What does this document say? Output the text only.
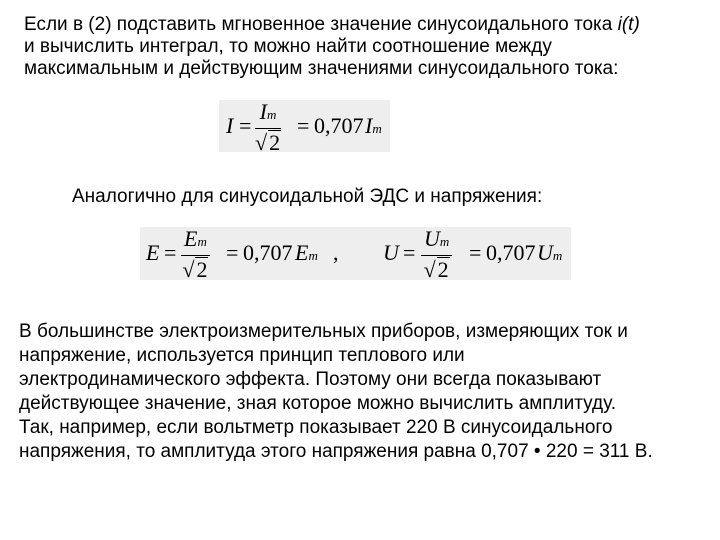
Если в (2) подставить мгновенное значение синусоидального тока i(t)
и вычислить интеграл, то можно найти соотношение между
максимальным и действующим значениями синусоидального тока:
$I = \frac{Im}{√2} = 0,707$ Im
Аналогично для синусоидальной ЭДС и напряжения:
$E = \frac{Em}{√2} = 0,707$ Em , $U = \frac{Um}{√2} = 0,707$ Um
В большинстве электроизмерительных приборов, измеряющих ток и
напряжение, используется принцип теплового или
электродинамического эффекта. Поэтому они всегда показывают
действующее значение, зная которое можно вычислить амплитуду.
Так, например, если вольтметр показывает 220 В синусоидального
напряжения, то амплитуда этого напряжения равна 0,707 • 220 = 311 В.
